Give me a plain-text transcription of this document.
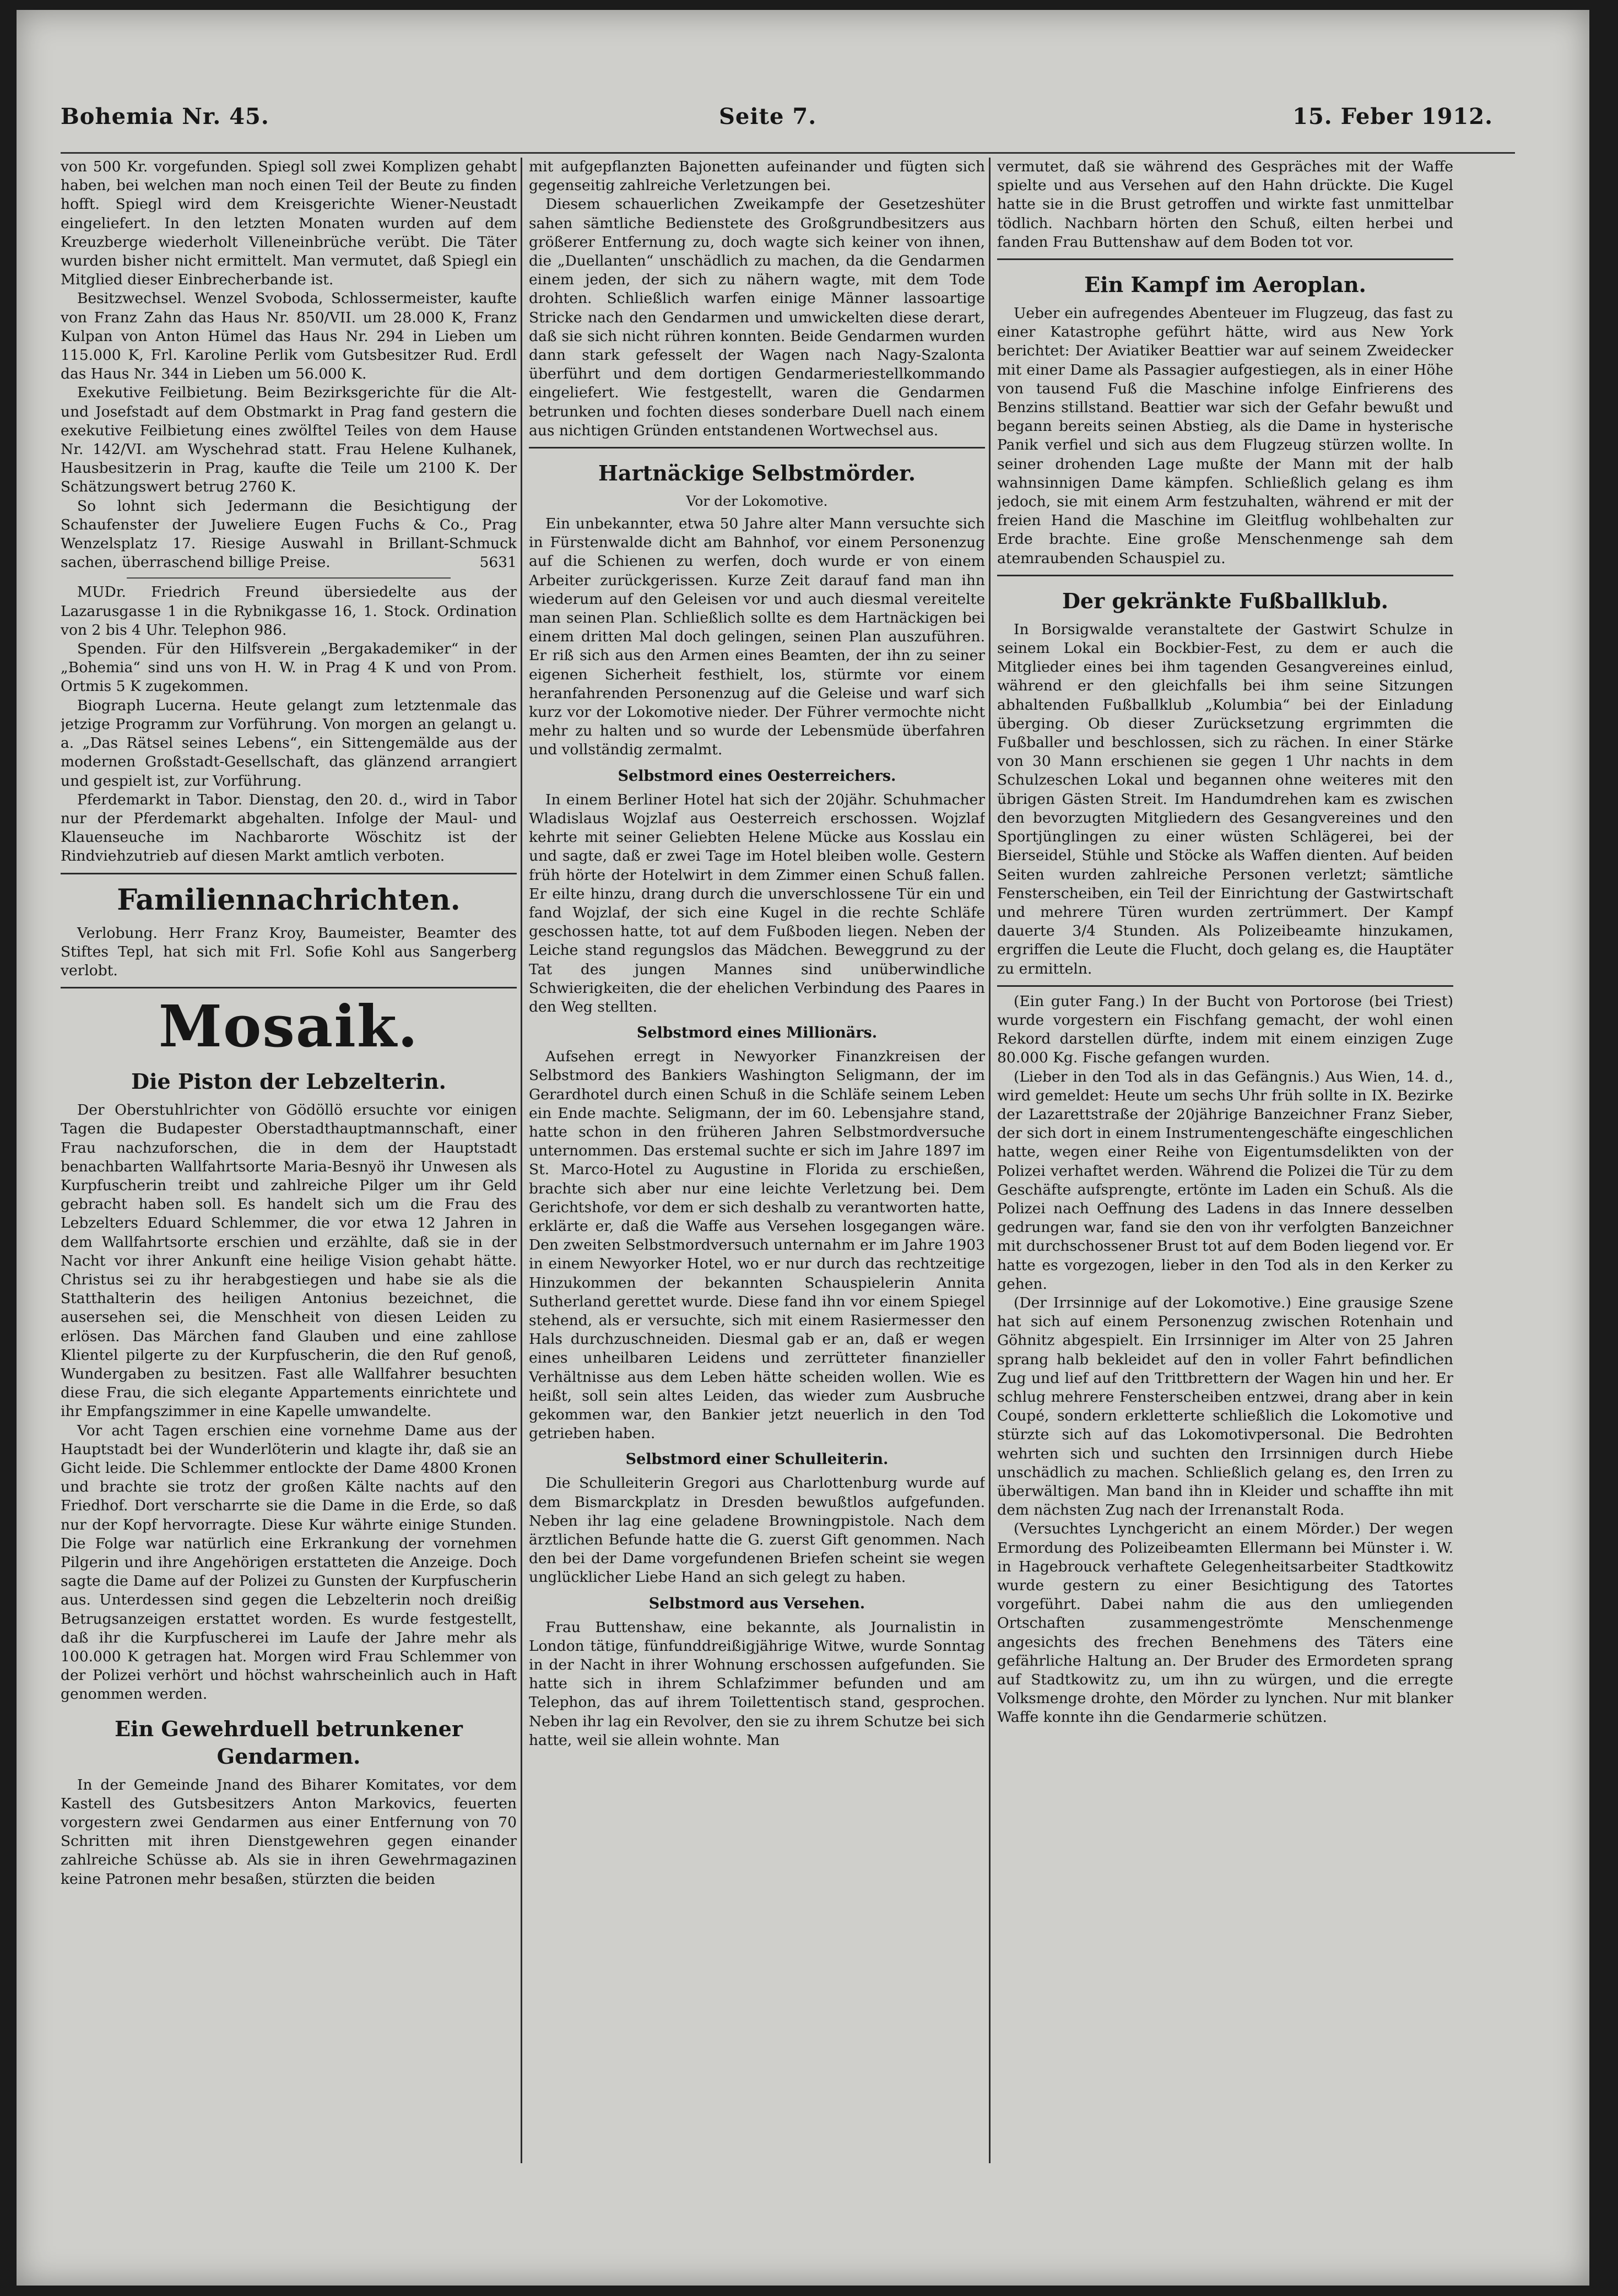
Bohemia Nr. 45.	Seite 7.	15. Feber 1912.

von 500 Kr. vorgefunden. Spiegl soll zwei Komplizen gehabt haben, bei welchen man noch einen Teil der Beute zu finden hofft. Spiegl wird dem Kreisgerichte Wiener-Neustadt eingeliefert. In den letzten Monaten wurden auf dem Kreuzberge wiederholt Villeneinbrüche verübt. Die Täter wurden bisher nicht ermittelt. Man vermutet, daß Spiegl ein Mitglied dieser Einbrecherbande ist.

Besitzwechsel. Wenzel Svoboda, Schlossermeister, kaufte von Franz Zahn das Haus Nr. 850/VII. um 28.000 K, Franz Kulpan von Anton Hümel das Haus Nr. 294 in Lieben um 115.000 K, Frl. Karoline Perlik vom Gutsbesitzer Rud. Erdl das Haus Nr. 344 in Lieben um 56.000 K.

Exekutive Feilbietung. Beim Bezirksgerichte für die Alt- und Josefstadt auf dem Obstmarkt in Prag fand gestern die exekutive Feilbietung eines zwölftel Teiles von dem Hause Nr. 142/VI. am Wyschehrad statt. Frau Helene Kulhanek, Hausbesitzerin in Prag, kaufte die Teile um 2100 K. Der Schätzungswert betrug 2760 K.

So lohnt sich Jedermann die Besichtigung der Schaufenster der Juweliere Eugen Fuchs & Co., Prag Wenzelsplatz 17. Riesige Auswahl in Brillant-Schmuck sachen, überraschend billige Preise.	5631

MUDr. Friedrich Freund übersiedelte aus der Lazarusgasse 1 in die Rybnikgasse 16, 1. Stock. Ordination von 2 bis 4 Uhr. Telephon 986.

Spenden. Für den Hilfsverein „Bergakademiker“ in der „Bohemia“ sind uns von H. W. in Prag 4 K und von Prom. Ortmis 5 K zugekommen.

Biograph Lucerna. Heute gelangt zum letztenmale das jetzige Programm zur Vorführung. Von morgen an gelangt u. a. „Das Rätsel seines Lebens“, ein Sittengemälde aus der modernen Großstadt-Gesellschaft, das glänzend arrangiert und gespielt ist, zur Vorführung.

Pferdemarkt in Tabor. Dienstag, den 20. d., wird in Tabor nur der Pferdemarkt abgehalten. Infolge der Maul- und Klauenseuche im Nachbarorte Wöschitz ist der Rindviehzutrieb auf diesen Markt amtlich verboten.

Familiennachrichten.

Verlobung. Herr Franz Kroy, Baumeister, Beamter des Stiftes Tepl, hat sich mit Frl. Sofie Kohl aus Sangerberg verlobt.

Mosaik.
Die Piston der Lebzelterin.

Der Oberstuhlrichter von Gödöllö ersuchte vor einigen Tagen die Budapester Oberstadthauptmannschaft, einer Frau nachzuforschen, die in dem der Hauptstadt benachbarten Wallfahrtsorte Maria-Besnyö ihr Unwesen als Kurpfuscherin treibt und zahlreiche Pilger um ihr Geld gebracht haben soll. Es handelt sich um die Frau des Lebzelters Eduard Schlemmer, die vor etwa 12 Jahren in dem Wallfahrtsorte erschien und erzählte, daß sie in der Nacht vor ihrer Ankunft eine heilige Vision gehabt hätte. Christus sei zu ihr herabgestiegen und habe sie als die Statthalterin des heiligen Antonius bezeichnet, die ausersehen sei, die Menschheit von diesen Leiden zu erlösen. Das Märchen fand Glauben und eine zahllose Klientel pilgerte zu der Kurpfuscherin, die den Ruf genoß, Wundergaben zu besitzen. Fast alle Wallfahrer besuchten diese Frau, die sich elegante Appartements einrichtete und ihr Empfangszimmer in eine Kapelle umwandelte.

Vor acht Tagen erschien eine vornehme Dame aus der Hauptstadt bei der Wunderlöterin und klagte ihr, daß sie an Gicht leide. Die Schlemmer entlockte der Dame 4800 Kronen und brachte sie trotz der großen Kälte nachts auf den Friedhof. Dort verscharrte sie die Dame in die Erde, so daß nur der Kopf hervorragte. Diese Kur währte einige Stunden. Die Folge war natürlich eine Erkrankung der vornehmen Pilgerin und ihre Angehörigen erstatteten die Anzeige. Doch sagte die Dame auf der Polizei zu Gunsten der Kurpfuscherin aus. Unterdessen sind gegen die Lebzelterin noch dreißig Betrugsanzeigen erstattet worden. Es wurde festgestellt, daß ihr die Kurpfuscherei im Laufe der Jahre mehr als 100.000 K getragen hat. Morgen wird Frau Schlemmer von der Polizei verhört und höchst wahrscheinlich auch in Haft genommen werden.

Ein Gewehrduell betrunkener Gendarmen.

In der Gemeinde Jnand des Biharer Komitates, vor dem Kastell des Gutsbesitzers Anton Markovics, feuerten vorgestern zwei Gendarmen aus einer Entfernung von 70 Schritten mit ihren Dienstgewehren gegen einander zahlreiche Schüsse ab. Als sie in ihren Gewehrmagazinen keine Patronen mehr besaßen, stürzten die beiden

mit aufgepflanzten Bajonetten aufeinander und fügten sich gegenseitig zahlreiche Verletzungen bei.

Diesem schauerlichen Zweikampfe der Gesetzeshüter sahen sämtliche Bedienstete des Großgrundbesitzers aus größerer Entfernung zu, doch wagte sich keiner von ihnen, die „Duellanten“ unschädlich zu machen, da die Gendarmen einem jeden, der sich zu nähern wagte, mit dem Tode drohten. Schließlich warfen einige Männer lassoartige Stricke nach den Gendarmen und umwickelten diese derart, daß sie sich nicht rühren konnten. Beide Gendarmen wurden dann stark gefesselt der Wagen nach Nagy-Szalonta überführt und dem dortigen Gendarmeriestellkommando eingeliefert. Wie festgestellt, waren die Gendarmen betrunken und fochten dieses sonderbare Duell nach einem aus nichtigen Gründen entstandenen Wortwechsel aus.

Hartnäckige Selbstmörder.
Vor der Lokomotive.

Ein unbekannter, etwa 50 Jahre alter Mann versuchte sich in Fürstenwalde dicht am Bahnhof, vor einem Personenzug auf die Schienen zu werfen, doch wurde er von einem Arbeiter zurückgerissen. Kurze Zeit darauf fand man ihn wiederum auf den Geleisen vor und auch diesmal vereitelte man seinen Plan. Schließlich sollte es dem Hartnäckigen bei einem dritten Mal doch gelingen, seinen Plan auszuführen. Er riß sich aus den Armen eines Beamten, der ihn zu seiner eigenen Sicherheit festhielt, los, stürmte vor einem heranfahrenden Personenzug auf die Geleise und warf sich kurz vor der Lokomotive nieder. Der Führer vermochte nicht mehr zu halten und so wurde der Lebensmüde überfahren und vollständig zermalmt.

Selbstmord eines Oesterreichers.

In einem Berliner Hotel hat sich der 20jähr. Schuhmacher Wladislaus Wojzlaf aus Oesterreich erschossen. Wojzlaf kehrte mit seiner Geliebten Helene Mücke aus Kosslau ein und sagte, daß er zwei Tage im Hotel bleiben wolle. Gestern früh hörte der Hotelwirt in dem Zimmer einen Schuß fallen. Er eilte hinzu, drang durch die unverschlossene Tür ein und fand Wojzlaf, der sich eine Kugel in die rechte Schläfe geschossen hatte, tot auf dem Fußboden liegen. Neben der Leiche stand regungslos das Mädchen. Beweggrund zu der Tat des jungen Mannes sind unüberwindliche Schwierigkeiten, die der ehelichen Verbindung des Paares in den Weg stellten.

Selbstmord eines Millionärs.

Aufsehen erregt in Newyorker Finanzkreisen der Selbstmord des Bankiers Washington Seligmann, der im Gerardhotel durch einen Schuß in die Schläfe seinem Leben ein Ende machte. Seligmann, der im 60. Lebensjahre stand, hatte schon in den früheren Jahren Selbstmordversuche unternommen. Das erstemal suchte er sich im Jahre 1897 im St. Marco-Hotel zu Augustine in Florida zu erschießen, brachte sich aber nur eine leichte Verletzung bei. Dem Gerichtshofe, vor dem er sich deshalb zu verantworten hatte, erklärte er, daß die Waffe aus Versehen losgegangen wäre. Den zweiten Selbstmordversuch unternahm er im Jahre 1903 in einem Newyorker Hotel, wo er nur durch das rechtzeitige Hinzukommen der bekannten Schauspielerin Annita Sutherland gerettet wurde. Diese fand ihn vor einem Spiegel stehend, als er versuchte, sich mit einem Rasiermesser den Hals durchzuschneiden. Diesmal gab er an, daß er wegen eines unheilbaren Leidens und zerrütteter finanzieller Verhältnisse aus dem Leben hätte scheiden wollen. Wie es heißt, soll sein altes Leiden, das wieder zum Ausbruche gekommen war, den Bankier jetzt neuerlich in den Tod getrieben haben.

Selbstmord einer Schulleiterin.

Die Schulleiterin Gregori aus Charlottenburg wurde auf dem Bismarckplatz in Dresden bewußtlos aufgefunden. Neben ihr lag eine geladene Browningpistole. Nach dem ärztlichen Befunde hatte die G. zuerst Gift genommen. Nach den bei der Dame vorgefundenen Briefen scheint sie wegen unglücklicher Liebe Hand an sich gelegt zu haben.

Selbstmord aus Versehen.

Frau Buttenshaw, eine bekannte, als Journalistin in London tätige, fünfunddreißigjährige Witwe, wurde Sonntag in der Nacht in ihrer Wohnung erschossen aufgefunden. Sie hatte sich in ihrem Schlafzimmer befunden und am Telephon, das auf ihrem Toilettentisch stand, gesprochen. Neben ihr lag ein Revolver, den sie zu ihrem Schutze bei sich hatte, weil sie allein wohnte. Man

vermutet, daß sie während des Gespräches mit der Waffe spielte und aus Versehen auf den Hahn drückte. Die Kugel hatte sie in die Brust getroffen und wirkte fast unmittelbar tödlich. Nachbarn hörten den Schuß, eilten herbei und fanden Frau Buttenshaw auf dem Boden tot vor.

Ein Kampf im Aeroplan.

Ueber ein aufregendes Abenteuer im Flugzeug, das fast zu einer Katastrophe geführt hätte, wird aus New York berichtet: Der Aviatiker Beattier war auf seinem Zweidecker mit einer Dame als Passagier aufgestiegen, als in einer Höhe von tausend Fuß die Maschine infolge Einfrierens des Benzins stillstand. Beattier war sich der Gefahr bewußt und begann bereits seinen Abstieg, als die Dame in hysterische Panik verfiel und sich aus dem Flugzeug stürzen wollte. In seiner drohenden Lage mußte der Mann mit der halb wahnsinnigen Dame kämpfen. Schließlich gelang es ihm jedoch, sie mit einem Arm festzuhalten, während er mit der freien Hand die Maschine im Gleitflug wohlbehalten zur Erde brachte. Eine große Menschenmenge sah dem atemraubenden Schauspiel zu.

Der gekränkte Fußballklub.

In Borsigwalde veranstaltete der Gastwirt Schulze in seinem Lokal ein Bockbier-Fest, zu dem er auch die Mitglieder eines bei ihm tagenden Gesangvereines einlud, während er den gleichfalls bei ihm seine Sitzungen abhaltenden Fußballklub „Kolumbia“ bei der Einladung überging. Ob dieser Zurücksetzung ergrimmten die Fußballer und beschlossen, sich zu rächen. In einer Stärke von 30 Mann erschienen sie gegen 1 Uhr nachts in dem Schulzeschen Lokal und begannen ohne weiteres mit den übrigen Gästen Streit. Im Handumdrehen kam es zwischen den bevorzugten Mitgliedern des Gesangvereines und den Sportjünglingen zu einer wüsten Schlägerei, bei der Bierseidel, Stühle und Stöcke als Waffen dienten. Auf beiden Seiten wurden zahlreiche Personen verletzt; sämtliche Fensterscheiben, ein Teil der Einrichtung der Gastwirtschaft und mehrere Türen wurden zertrümmert. Der Kampf dauerte 3/4 Stunden. Als Polizeibeamte hinzukamen, ergriffen die Leute die Flucht, doch gelang es, die Hauptäter zu ermitteln.

(Ein guter Fang.) In der Bucht von Portorose (bei Triest) wurde vorgestern ein Fischfang gemacht, der wohl einen Rekord darstellen dürfte, indem mit einem einzigen Zuge 80.000 Kg. Fische gefangen wurden.

(Lieber in den Tod als in das Gefängnis.) Aus Wien, 14. d., wird gemeldet: Heute um sechs Uhr früh sollte in IX. Bezirke der Lazarettstraße der 20jährige Banzeichner Franz Sieber, der sich dort in einem Instrumentengeschäfte eingeschlichen hatte, wegen einer Reihe von Eigentumsdelikten von der Polizei verhaftet werden. Während die Polizei die Tür zu dem Geschäfte aufsprengte, ertönte im Laden ein Schuß. Als die Polizei nach Oeffnung des Ladens in das Innere desselben gedrungen war, fand sie den von ihr verfolgten Banzeichner mit durchschossener Brust tot auf dem Boden liegend vor. Er hatte es vorgezogen, lieber in den Tod als in den Kerker zu gehen.

(Der Irrsinnige auf der Lokomotive.) Eine grausige Szene hat sich auf einem Personenzug zwischen Rotenhain und Göhnitz abgespielt. Ein Irrsinniger im Alter von 25 Jahren sprang halb bekleidet auf den in voller Fahrt befindlichen Zug und lief auf den Trittbrettern der Wagen hin und her. Er schlug mehrere Fensterscheiben entzwei, drang aber in kein Coupé, sondern erkletterte schließlich die Lokomotive und stürzte sich auf das Lokomotivpersonal. Die Bedrohten wehrten sich und suchten den Irrsinnigen durch Hiebe unschädlich zu machen. Schließlich gelang es, den Irren zu überwältigen. Man band ihn in Kleider und schaffte ihn mit dem nächsten Zug nach der Irrenanstalt Roda.

(Versuchtes Lynchgericht an einem Mörder.) Der wegen Ermordung des Polizeibeamten Ellermann bei Münster i. W. in Hagebrouck verhaftete Gelegenheitsarbeiter Stadtkowitz wurde gestern zu einer Besichtigung des Tatortes vorgeführt. Dabei nahm die aus den umliegenden Ortschaften zusammengeströmte Menschenmenge angesichts des frechen Benehmens des Täters eine gefährliche Haltung an. Der Bruder des Ermordeten sprang auf Stadtkowitz zu, um ihn zu würgen, und die erregte Volksmenge drohte, den Mörder zu lynchen. Nur mit blanker Waffe konnte ihn die Gendarmerie schützen.
